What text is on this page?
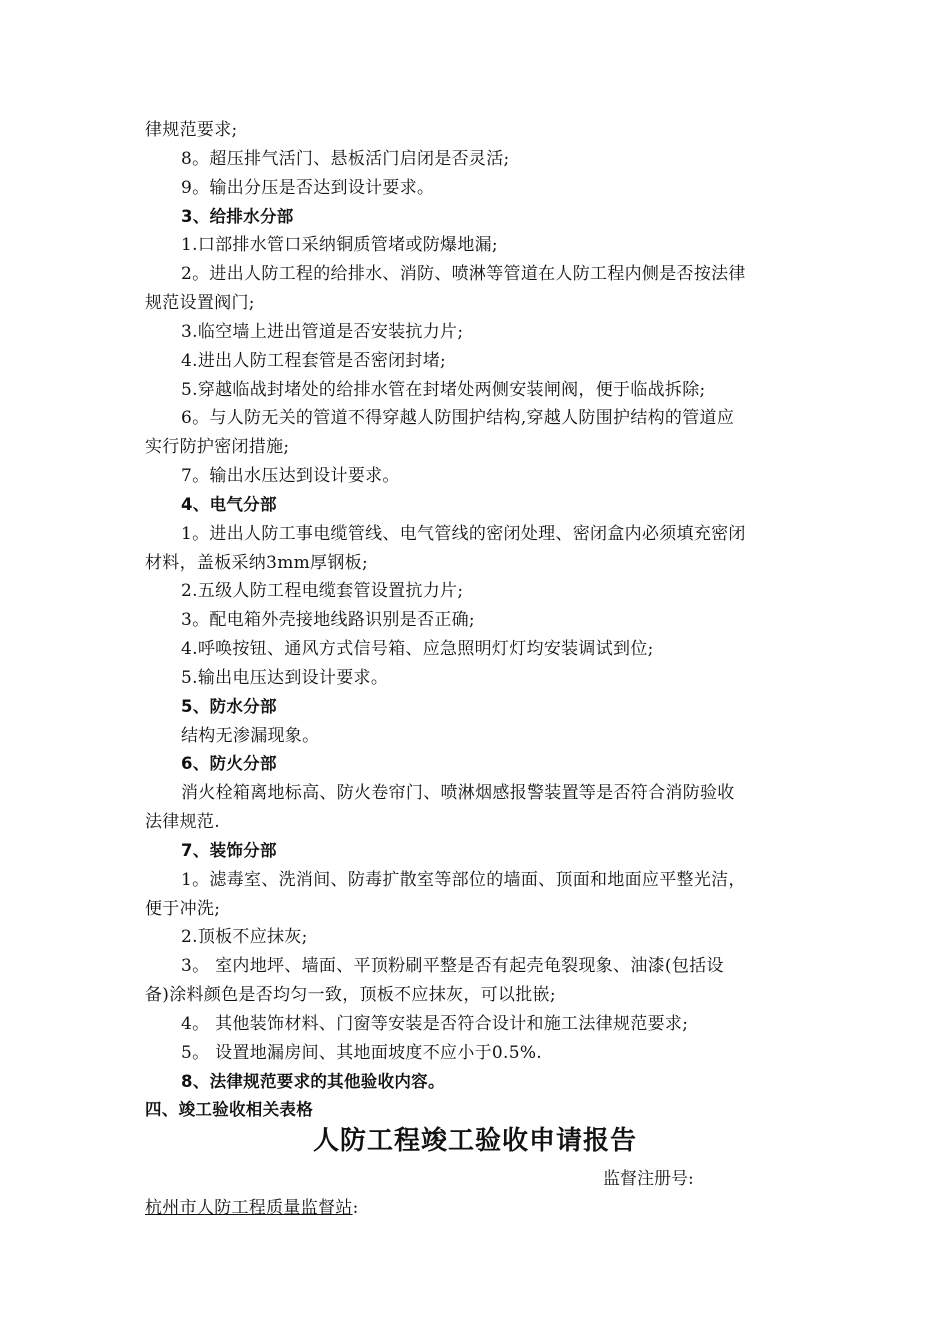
律规范要求;
8。超压排气活门、悬板活门启闭是否灵活;
9。输出分压是否达到设计要求。
3、给排水分部
1.口部排水管口采纳铜质管堵或防爆地漏;
2。进出人防工程的给排水、消防、喷淋等管道在人防工程内侧是否按法律
规范设置阀门;
3.临空墙上进出管道是否安装抗力片;
4.进出人防工程套管是否密闭封堵;
5.穿越临战封堵处的给排水管在封堵处两侧安装闸阀，便于临战拆除;
6。与人防无关的管道不得穿越人防围护结构,穿越人防围护结构的管道应
实行防护密闭措施;
7。输出水压达到设计要求。
4、电气分部
1。进出人防工事电缆管线、电气管线的密闭处理、密闭盒内必须填充密闭
材料，盖板采纳3mm厚钢板;
2.五级人防工程电缆套管设置抗力片;
3。配电箱外壳接地线路识别是否正确;
4.呼唤按钮、通风方式信号箱、应急照明灯灯均安装调试到位;
5.输出电压达到设计要求。
5、防水分部
结构无渗漏现象。
6、防火分部
消火栓箱离地标高、防火卷帘门、喷淋烟感报警装置等是否符合消防验收
法律规范.
7、装饰分部
1。滤毒室、洗消间、防毒扩散室等部位的墙面、顶面和地面应平整光洁，
便于冲洗;
2.顶板不应抹灰;
3。 室内地坪、墙面、平顶粉刷平整是否有起壳龟裂现象、油漆(包括设
备)涂料颜色是否均匀一致，顶板不应抹灰，可以批嵌;
4。 其他装饰材料、门窗等安装是否符合设计和施工法律规范要求;
5。 设置地漏房间、其地面坡度不应小于0.5%.
8、法律规范要求的其他验收内容。
四、竣工验收相关表格
人防工程竣工验收申请报告
监督注册号:
杭州市人防工程质量监督站:
